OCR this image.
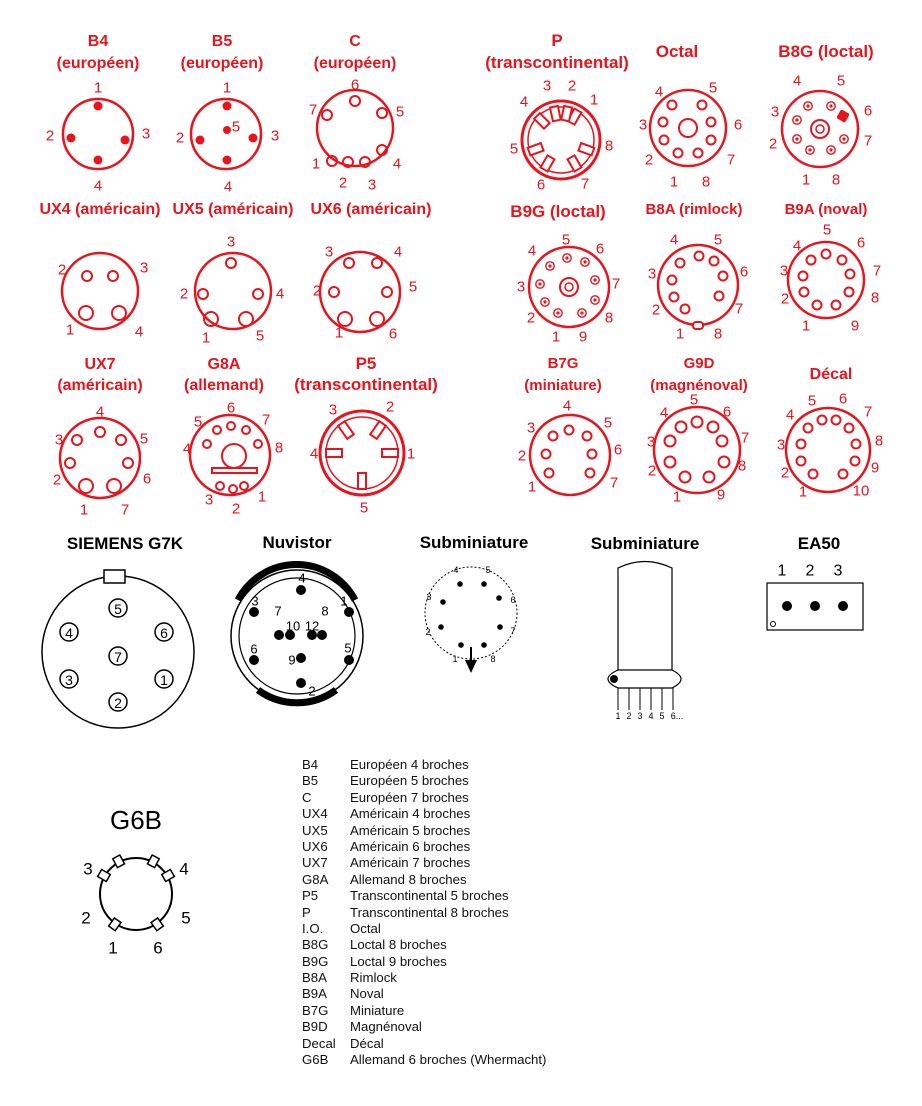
B4
(européen)
1
2	3
4
B5
(européen)
1
2	3
4
5
C
(européen)
1
2 3
4
5
6
7
P
(transcontinental)
1
2
3
4
5
6 7
8
Octal
1
2
3
4	5
6
7
8
B8G (loctal)
1
2
3
4 5
6
7
8
UX4 (américain)
1
2	3
4
UX5 (américain)
1
2
3
4
5
UX6 (américain)
1
2
3	4
5
6
B9G (loctal)
1
2
3
4
5
6
7
8
9
B8A (rimlock)
1
2
3
4 5
6
7
8
B9A (noval)
1
2
3
4
5
6
7
8
9
UX7
(américain)
1
2
3
4
5
6
7
G8A
(allemand)
1
2
3
4
5
6
7
8
P5
(transcontinental)
1
2
3
4
5
B7G
(miniature)
1
2
3
4
5
6
7
G9D
(magnénoval)
1
2
3
4
5
6
7
8
9
Décal
1
2
3
4
5 6
7
8
9
10
SIEMENS G7K
1
2
3
4
5
6
7
Nuvistor
1
2
3
4
5
6
7	8
9
10 12
Subminiature
1
2
3
4	5
6
7
8
Subminiature
1 2 3 4 5 6...
EA50
1 2 3
G6B
1
2
3	4
5
6
B4 Européen 4 broches
B5 Européen 5 broches
C	Européen 7 broches
UX4 Américain 4 broches
UX5 Américain 5 broches
UX6 Américain 6 broches
UX7 Américain 7 broches
G8A Allemand 8 broches
P5 Transcontinental 5 broches
P	Transcontinental 8 broches
I.O. Octal
B8G Loctal 8 broches
B9G Loctal 9 broches
B8A Rimlock
B9A Noval
B7G Miniature
B9D Magnénoval
Decal Décal
G6B Allemand 6 broches (Whermacht)
